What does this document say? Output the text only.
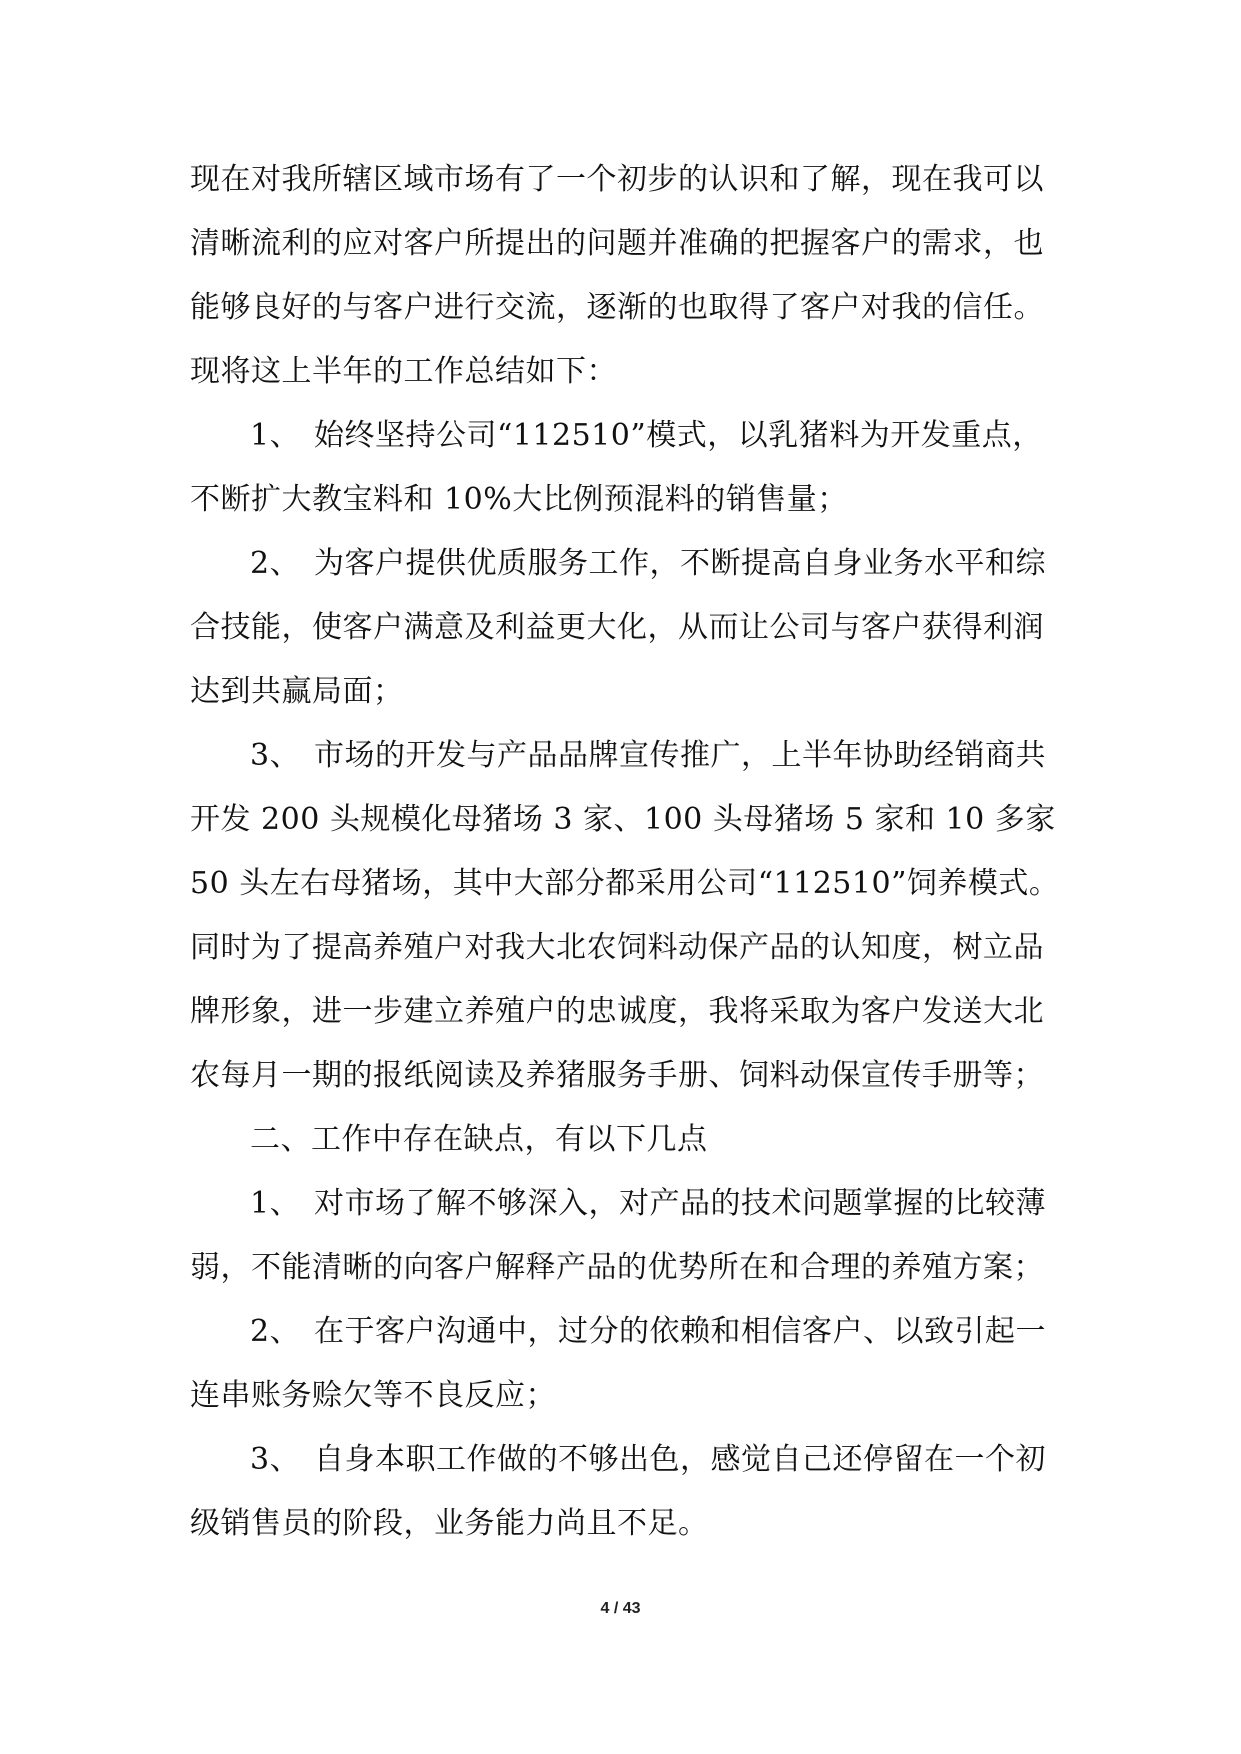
现在对我所辖区域市场有了一个初步的认识和了解，现在我可以清晰流利的应对客户所提出的问题并准确的把握客户的需求，也能够良好的与客户进行交流，逐渐的也取得了客户对我的信任。现将这上半年的工作总结如下：

1、 始终坚持公司“112510”模式，以乳猪料为开发重点，不断扩大教宝料和 10%大比例预混料的销售量；

2、 为客户提供优质服务工作，不断提高自身业务水平和综合技能，使客户满意及利益更大化，从而让公司与客户获得利润达到共赢局面；

3、 市场的开发与产品品牌宣传推广，上半年协助经销商共开发 200 头规模化母猪场 3 家、100 头母猪场 5 家和 10 多家 50 头左右母猪场，其中大部分都采用公司“112510”饲养模式。同时为了提高养殖户对我大北农饲料动保产品的认知度，树立品牌形象，进一步建立养殖户的忠诚度，我将采取为客户发送大北农每月一期的报纸阅读及养猪服务手册、饲料动保宣传手册等；

二、工作中存在缺点，有以下几点

1、 对市场了解不够深入，对产品的技术问题掌握的比较薄弱，不能清晰的向客户解释产品的优势所在和合理的养殖方案；

2、 在于客户沟通中，过分的依赖和相信客户、以致引起一连串账务赊欠等不良反应；

3、 自身本职工作做的不够出色，感觉自己还停留在一个初级销售员的阶段，业务能力尚且不足。

4 / 43
